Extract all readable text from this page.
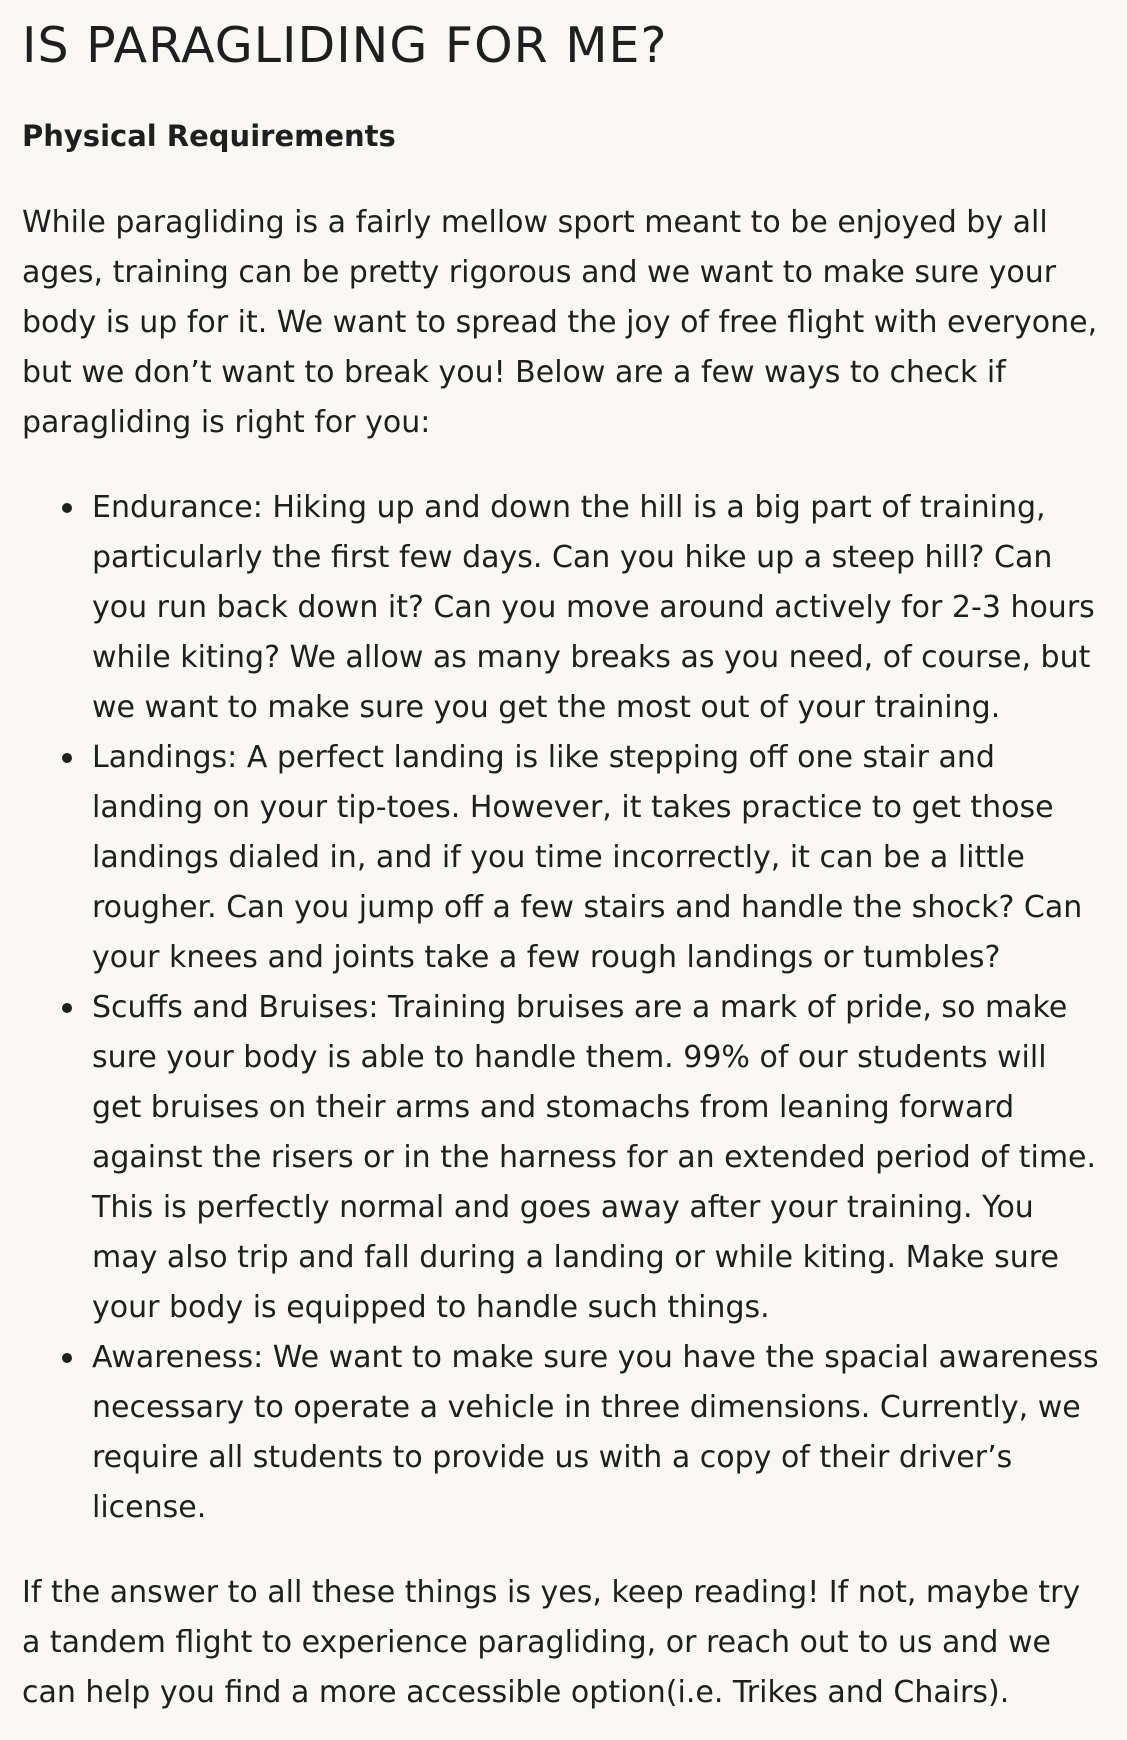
IS PARAGLIDING FOR ME?
Physical Requirements

While paragliding is a fairly mellow sport meant to be enjoyed by all ages, training can be pretty rigorous and we want to make sure your body is up for it. We want to spread the joy of free flight with everyone, but we don’t want to break you! Below are a few ways to check if paragliding is right for you:

Endurance: Hiking up and down the hill is a big part of training, particularly the first few days. Can you hike up a steep hill? Can you run back down it? Can you move around actively for 2-3 hours while kiting? We allow as many breaks as you need, of course, but we want to make sure you get the most out of your training.
Landings: A perfect landing is like stepping off one stair and landing on your tip-toes. However, it takes practice to get those landings dialed in, and if you time incorrectly, it can be a little rougher. Can you jump off a few stairs and handle the shock? Can your knees and joints take a few rough landings or tumbles?
Scuffs and Bruises: Training bruises are a mark of pride, so make sure your body is able to handle them. 99% of our students will get bruises on their arms and stomachs from leaning forward against the risers or in the harness for an extended period of time. This is perfectly normal and goes away after your training. You may also trip and fall during a landing or while kiting. Make sure your body is equipped to handle such things.
Awareness: We want to make sure you have the spacial awareness necessary to operate a vehicle in three dimensions. Currently, we require all students to provide us with a copy of their driver’s license.

If the answer to all these things is yes, keep reading! If not, maybe try a tandem flight to experience paragliding, or reach out to us and we can help you find a more accessible option(i.e. Trikes and Chairs).
